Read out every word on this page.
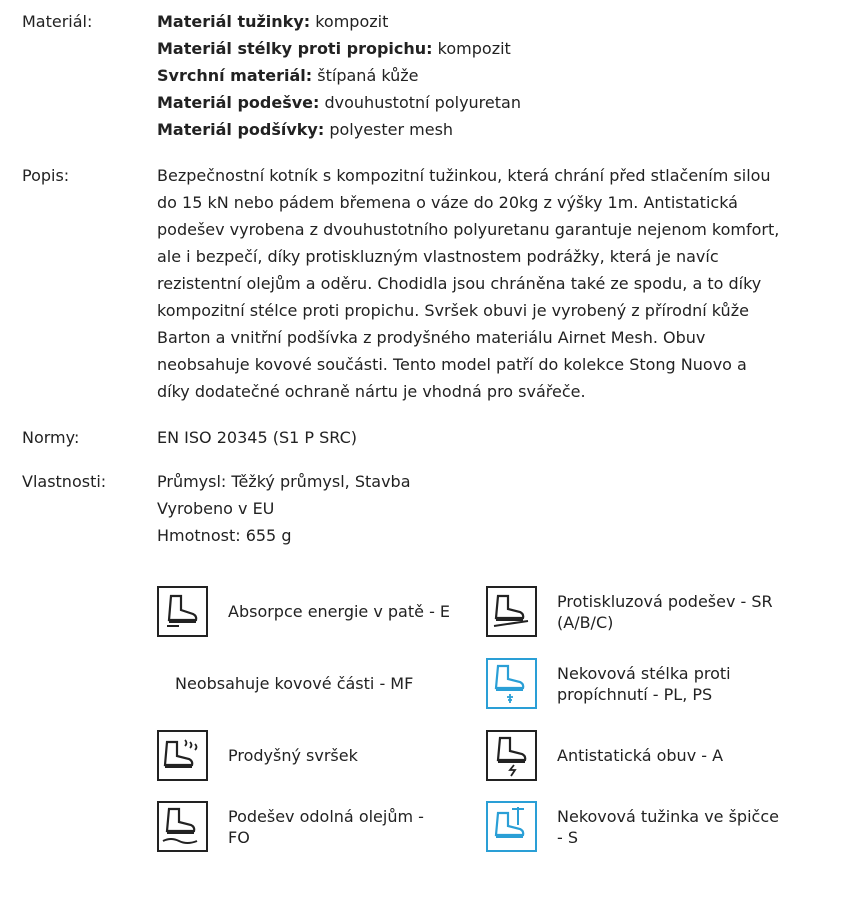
Materiál:	Materiál tužinky: kompozit
Materiál stélky proti propichu: kompozit
Svrchní materiál: štípaná kůže
Materiál podešve: dvouhustotní polyuretan
Materiál podšívky: polyester mesh
Popis:	Bezpečnostní kotník s kompozitní tužinkou, která chrání před stlačením silou
do 15 kN nebo pádem břemena o váze do 20kg z výšky 1m. Antistatická
podešev vyrobena z dvouhustotního polyuretanu garantuje nejenom komfort,
ale i bezpečí, díky protiskluzným vlastnostem podrážky, která je navíc
rezistentní olejům a oděru. Chodidla jsou chráněna také ze spodu, a to díky
kompozitní stélce proti propichu. Svršek obuvi je vyrobený z přírodní kůže
Barton a vnitřní podšívka z prodyšného materiálu Airnet Mesh. Obuv
neobsahuje kovové součásti. Tento model patří do kolekce Stong Nuovo a
díky dodatečné ochraně nártu je vhodná pro svářeče.
Normy:	EN ISO 20345 (S1 P SRC)
Vlastnosti:	Průmysl: Těžký průmysl, Stavba
Vyrobeno v EU
Hmotnost: 655 g
Absorpce energie v patě - E
Protiskluzová podešev - SR
(A/B/C)
Neobsahuje kovové části - MF
Nekovová stélka proti
propíchnutí - PL, PS
Prodyšný svršek	Antistatická obuv - A
Podešev odolná olejům -
FO
Nekovová tužinka ve špičce
- S
